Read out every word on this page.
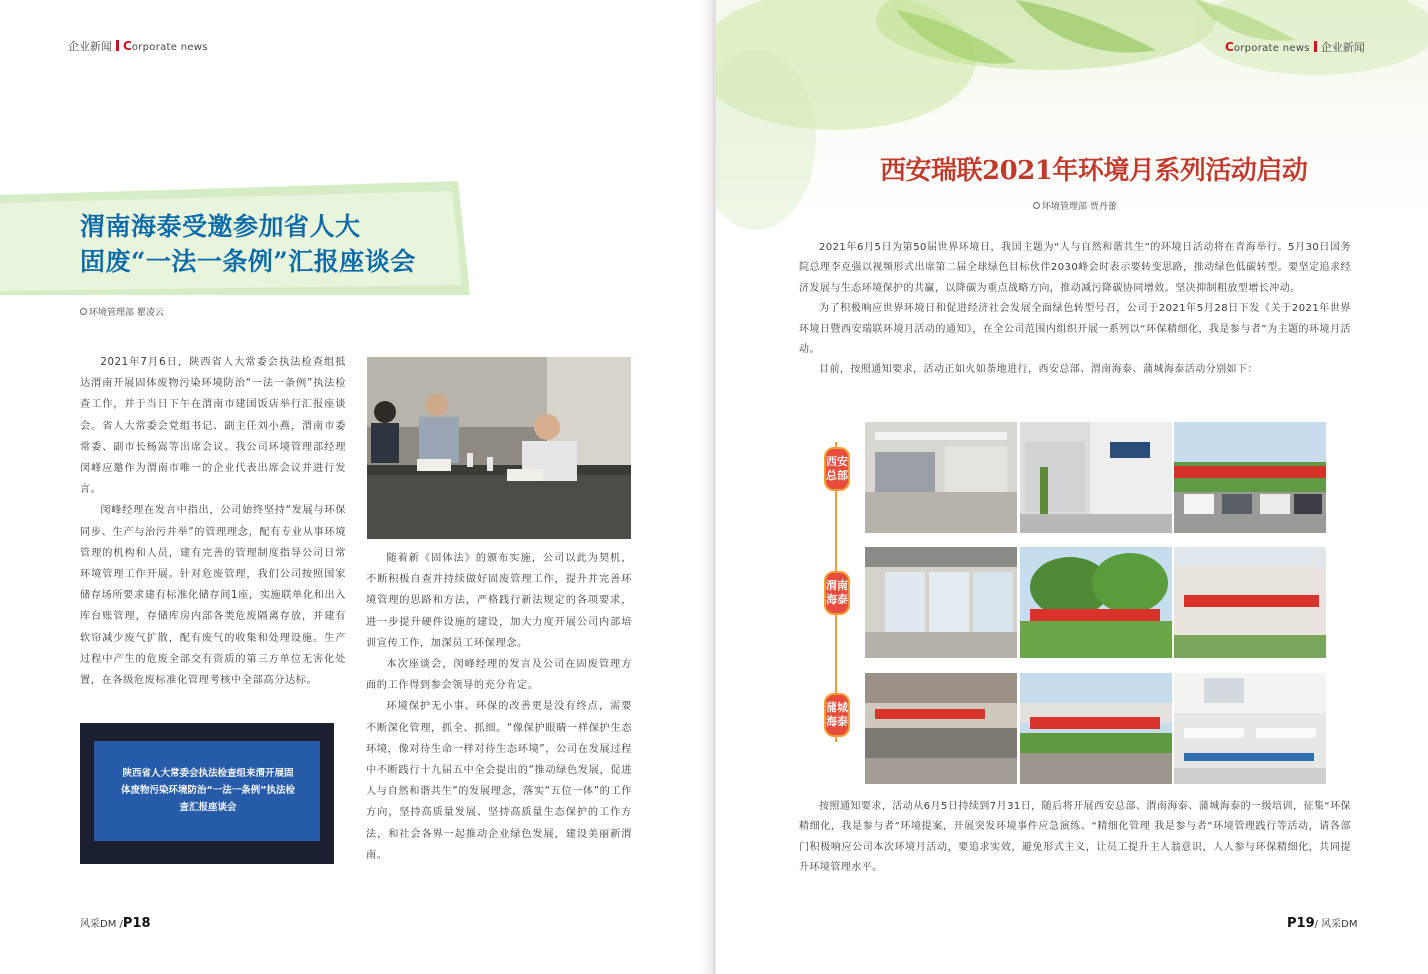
企业新闻 Corporate news
渭南海泰受邀参加省人大
固废“一法一条例”汇报座谈会
环境管理部 瞿凌云

2021年7月6日，陕西省人大常委会执法检查组抵达渭南开展固体废物污染环境防治“一法一条例”执法检查工作，并于当日下午在渭南市建国饭店举行汇报座谈会。省人大常委会党组书记、副主任刘小燕，渭南市委常委、副市长杨嵩等出席会议。我公司环境管理部经理闵峰应邀作为渭南市唯一的企业代表出席会议并进行发言。

闵峰经理在发言中指出，公司始终坚持“发展与环保同步、生产与治污并举”的管理理念，配有专业从事环境管理的机构和人员，建有完善的管理制度指导公司日常环境管理工作开展。针对危废管理，我们公司按照国家储存场所要求建有标准化储存间1座，实施联单化和出入库台账管理，存储库房内部各类危废隔离存放，并建有软帘减少废气扩散，配有废气的收集和处理设施。生产过程中产生的危废全部交有资质的第三方单位无害化处置，在各级危废标准化管理考核中全部高分达标。

随着新《固体法》的颁布实施，公司以此为契机，不断积极自查并持续做好固废管理工作，提升并完善环境管理的思路和方法，严格践行新法规定的各项要求，进一步提升硬件设施的建设，加大力度开展公司内部培训宣传工作，加深员工环保理念。

本次座谈会，闵峰经理的发言及公司在固废管理方面的工作得到参会领导的充分肯定。

环境保护无小事、环保的改善更是没有终点，需要不断深化管理，抓全、抓细。“像保护眼睛一样保护生态环境，像对待生命一样对待生态环境”，公司在发展过程中不断践行十九届五中全会提出的“推动绿色发展，促进人与自然和谐共生”的发展理念，落实“五位一体”的工作方向，坚持高质量发展、坚持高质量生态保护的工作方法，和社会各界一起推动企业绿色发展，建设美丽新渭南。

陕西省人大常委会执法检查组来渭开展固体废物污染环境防治“一法一条例”执法检查汇报座谈会
风采DM /P18
Corporate news 企业新闻
西安瑞联2021年环境月系列活动启动
环境管理部 贾丹蕾

2021年6月5日为第50届世界环境日，我国主题为“人与自然和谐共生”的环境日活动将在青海举行。5月30日国务院总理李克强以视频形式出席第二届全球绿色目标伙伴2030峰会时表示要转变思路，推动绿色低碳转型。要坚定追求经济发展与生态环境保护的共赢，以降碳为重点战略方向，推动减污降碳协同增效。坚决抑制粗放型增长冲动。

为了积极响应世界环境日和促进经济社会发展全面绿色转型号召，公司于2021年5月28日下发《关于2021年世界环境日暨西安瑞联环境月活动的通知》，在全公司范围内组织开展一系列以“环保精细化，我是参与者”为主题的环境月活动。

目前，按照通知要求，活动正如火如荼地进行，西安总部、渭南海泰、蒲城海泰活动分别如下：

西安总部
渭南海泰
蒲城海泰

按照通知要求，活动从6月5日持续到7月31日，随后将开展西安总部、渭南海泰、蒲城海泰的一级培训，征集“环保精细化，我是参与者”环境提案，开展突发环境事件应急演练、“精细化管理 我是参与者”环境管理践行等活动，请各部门积极响应公司本次环境月活动，要追求实效，避免形式主义，让员工提升主人翁意识，人人参与环保精细化，共同提升环境管理水平。

P19/ 风采DM
